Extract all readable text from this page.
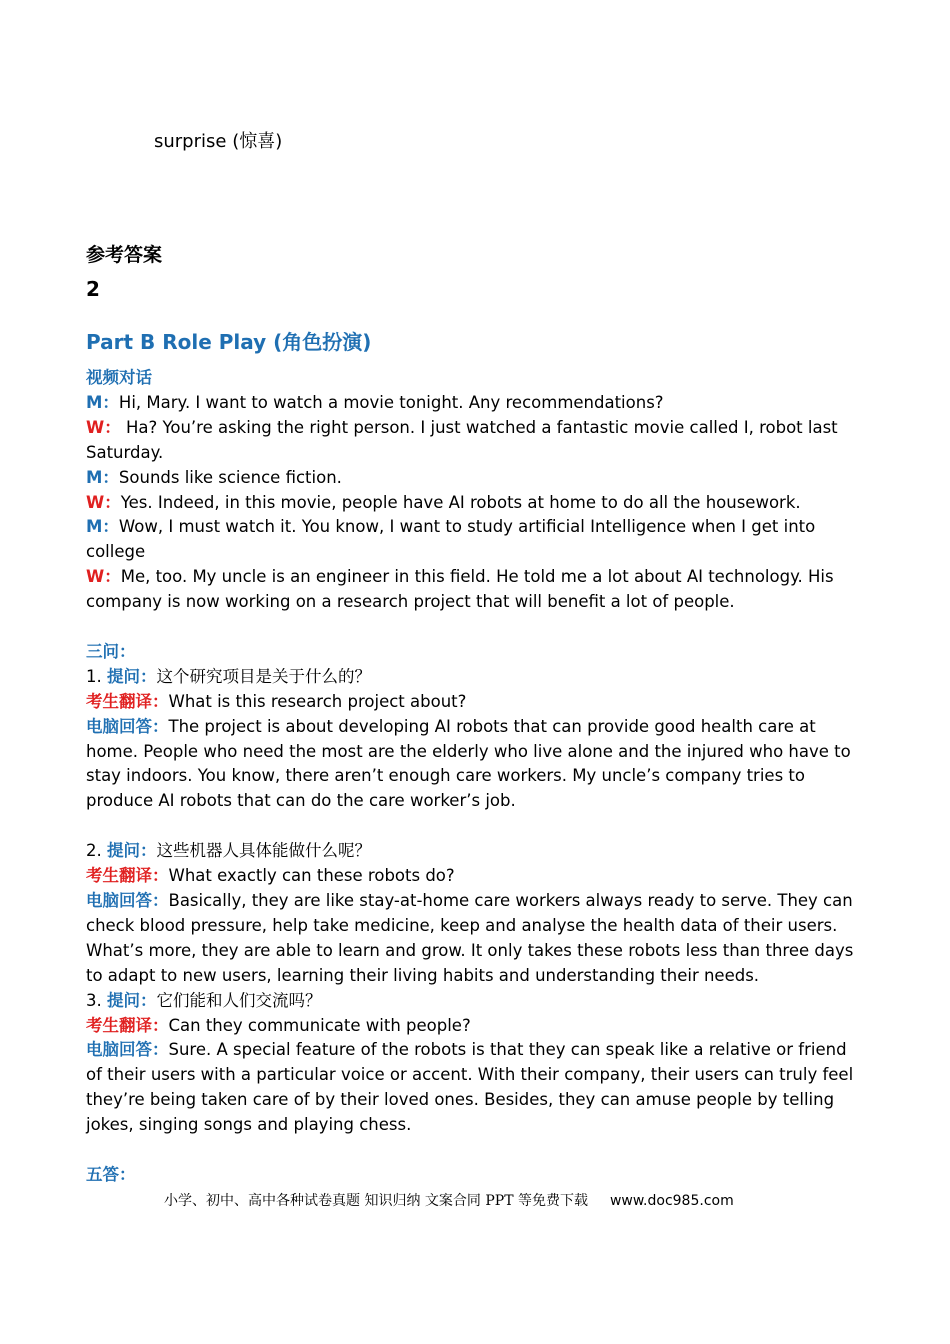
surprise (惊喜)
参考答案
2
Part B Role Play (角色扮演)

视频对话

M：Hi, Mary. I want to watch a movie tonight. Any recommendations?

W： Ha? You’re asking the right person. I just watched a fantastic movie called I, robot last Saturday.

M：Sounds like science fiction.

W：Yes. Indeed, in this movie, people have AI robots at home to do all the housework.

M：Wow, I must watch it. You know, I want to study artificial Intelligence when I get into college

W：Me, too. My uncle is an engineer in this field. He told me a lot about AI technology. His company is now working on a research project that will benefit a lot of people.

三问：

1. 提问：这个研究项目是关于什么的？

考生翻译：What is this research project about?

电脑回答：The project is about developing AI robots that can provide good health care at home. People who need the most are the elderly who live alone and the injured who have to stay indoors. You know, there aren’t enough care workers. My uncle’s company tries to produce AI robots that can do the care worker’s job.

2. 提问：这些机器人具体能做什么呢？

考生翻译：What exactly can these robots do?

电脑回答：Basically, they are like stay-at-home care workers always ready to serve. They can check blood pressure, help take medicine, keep and analyse the health data of their users. What’s more, they are able to learn and grow. It only takes these robots less than three days to adapt to new users, learning their living habits and understanding their needs.

3. 提问：它们能和人们交流吗？

考生翻译：Can they communicate with people?

电脑回答：Sure. A special feature of the robots is that they can speak like a relative or friend of their users with a particular voice or accent. With their company, their users can truly feel they’re being taken care of by their loved ones. Besides, they can amuse people by telling jokes, singing songs and playing chess.

五答：

小学、初中、高中各种试卷真题 知识归纳 文案合同 PPT 等免费下载 www.doc985.com
